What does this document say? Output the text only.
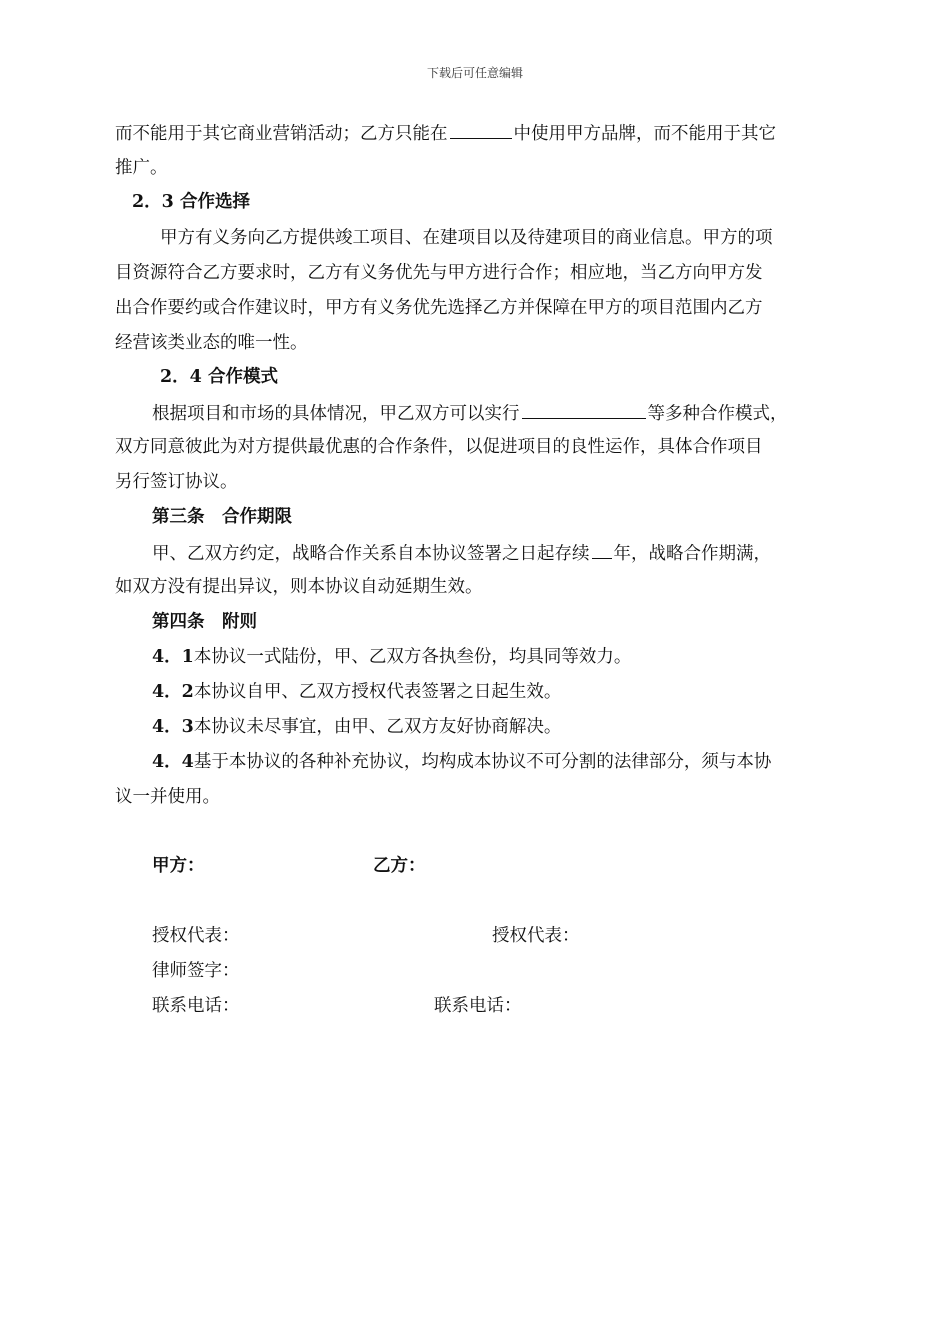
下载后可任意编辑
而不能用于其它商业营销活动；乙方只能在	中使用甲方品牌，而不能用于其它
推广。
2．3 合作选择
甲方有义务向乙方提供竣工项目、在建项目以及待建项目的商业信息。甲方的项
目资源符合乙方要求时，乙方有义务优先与甲方进行合作；相应地，当乙方向甲方发
出合作要约或合作建议时，甲方有义务优先选择乙方并保障在甲方的项目范围内乙方
经营该类业态的唯一性。
2．4 合作模式
根据项目和市场的具体情况，甲乙双方可以实行	等多种合作模式，
双方同意彼此为对方提供最优惠的合作条件，以促进项目的良性运作，具体合作项目
另行签订协议。
第三条　合作期限
甲、乙双方约定，战略合作关系自本协议签署之日起存续 年，战略合作期满，
如双方没有提出异议，则本协议自动延期生效。
第四条　附则
4．1本协议一式陆份，甲、乙双方各执叁份，均具同等效力。
4．2本协议自甲、乙双方授权代表签署之日起生效。
4．3本协议未尽事宜，由甲、乙双方友好协商解决。
4．4基于本协议的各种补充协议，均构成本协议不可分割的法律部分，须与本协
议一并使用。
甲方：	乙方：
授权代表：	授权代表：
律师签字：
联系电话：	联系电话：
